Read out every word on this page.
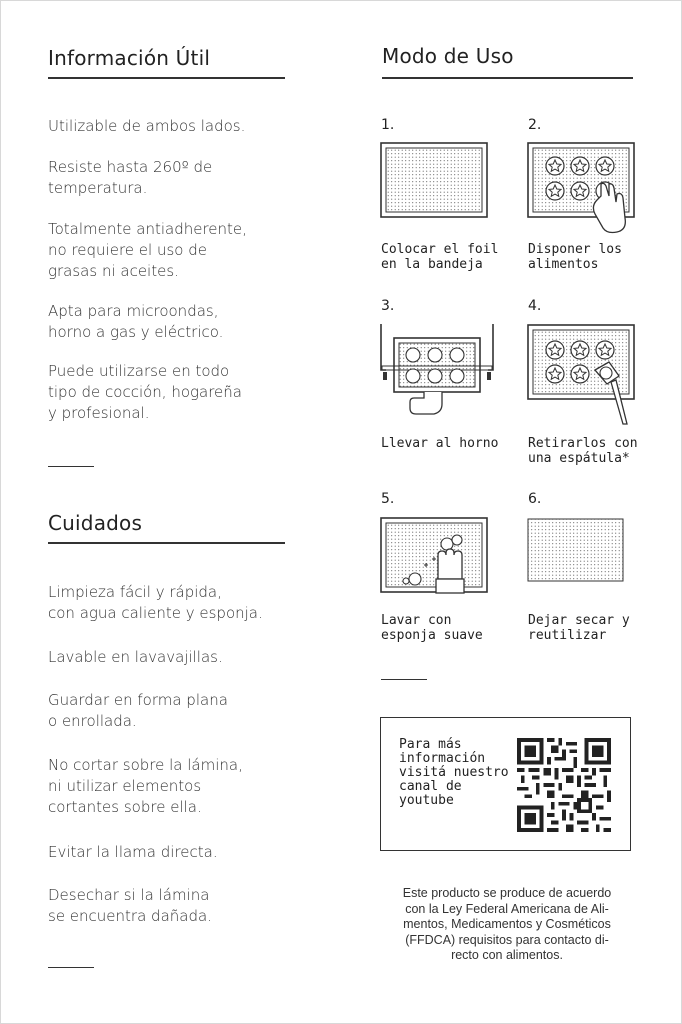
Información Útil
Utilizable de ambos lados.
Resiste hasta 260º de
temperatura.
Totalmente antiadherente,
no requiere el uso de
grasas ni aceites.
Apta para microondas,
horno a gas y eléctrico.
Puede utilizarse en todo
tipo de cocción, hogareña
y profesional.
Cuidados
Limpieza fácil y rápida,
con agua caliente y esponja.
Lavable en lavavajillas.
Guardar en forma plana
o enrollada.
No cortar sobre la lámina,
ni utilizar elementos
cortantes sobre ella.
Evitar la llama directa.
Desechar si la lámina
se encuentra dañada.
Modo de Uso
1.
Colocar el foil
en la bandeja
2.
Disponer los
alimentos
3.
Llevar al horno
4.
Retirarlos con
una espátula*
5.
Lavar con
esponja suave
6.
Dejar secar y
reutilizar
Para más
información
visitá nuestro
canal de
youtube
Este producto se produce de acuerdo
con la Ley Federal Americana de Ali-
mentos, Medicamentos y Cosméticos
(FFDCA) requisitos para contacto di-
recto con alimentos.
